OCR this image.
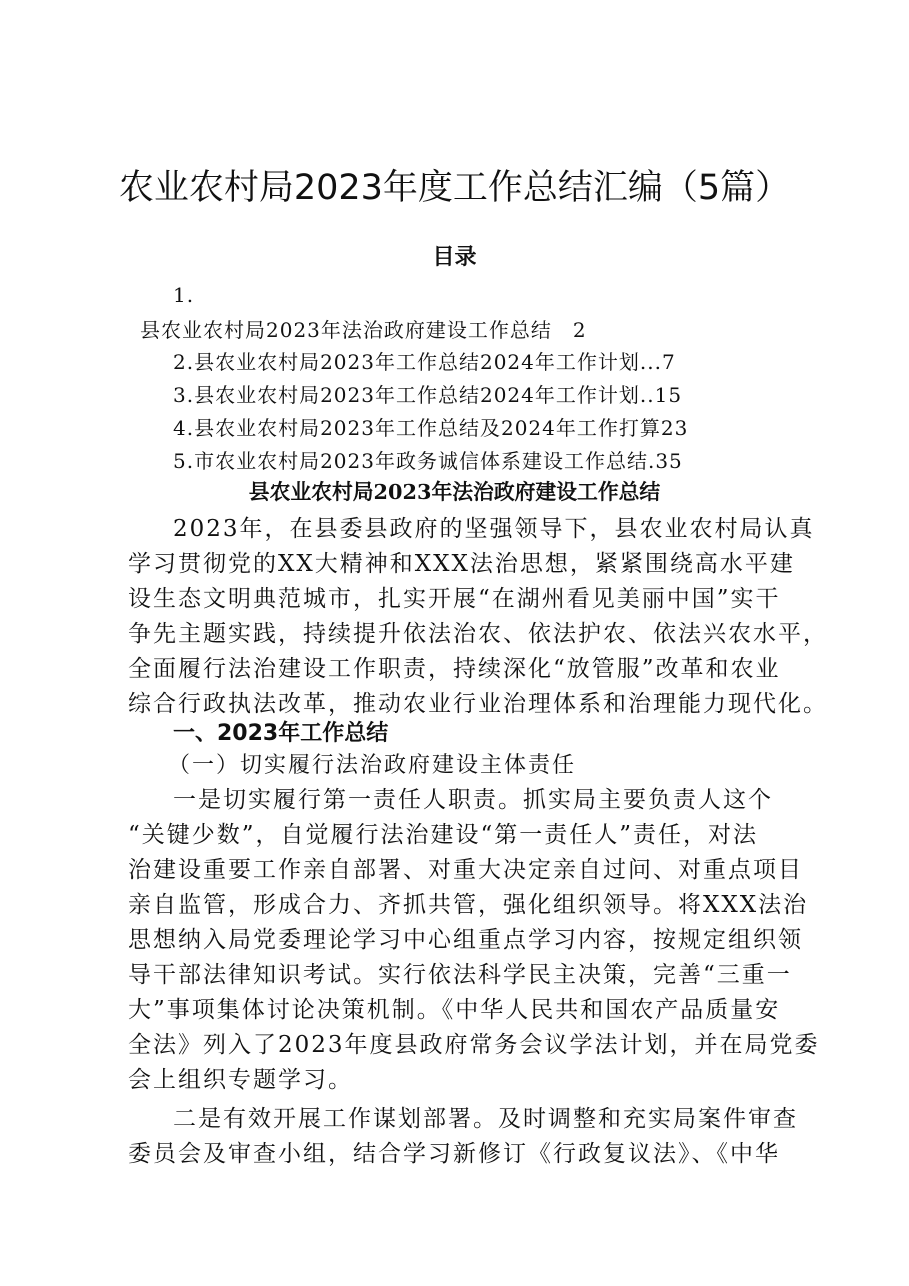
农业农村局2023年度工作总结汇编（5篇）
目录
1.
县农业农村局2023年法治政府建设工作总结　2
2.县农业农村局2023年工作总结2024年工作计划...7
3.县农业农村局2023年工作总结2024年工作计划..15
4.县农业农村局2023年工作总结及2024年工作打算23
5.市农业农村局2023年政务诚信体系建设工作总结.35
县农业农村局2023年法治政府建设工作总结
2023年，在县委县政府的坚强领导下，县农业农村局认真
学习贯彻党的XX大精神和XXX法治思想，紧紧围绕高水平建
设生态文明典范城市，扎实开展“在湖州看见美丽中国”实干
争先主题实践，持续提升依法治农、依法护农、依法兴农水平，
全面履行法治建设工作职责，持续深化“放管服”改革和农业
综合行政执法改革，推动农业行业治理体系和治理能力现代化。
一、2023年工作总结
（一）切实履行法治政府建设主体责任
一是切实履行第一责任人职责。抓实局主要负责人这个
“关键少数”，自觉履行法治建设“第一责任人”责任，对法
治建设重要工作亲自部署、对重大决定亲自过问、对重点项目
亲自监管，形成合力、齐抓共管，强化组织领导。将XXX法治
思想纳入局党委理论学习中心组重点学习内容，按规定组织领
导干部法律知识考试。实行依法科学民主决策，完善“三重一
大”事项集体讨论决策机制。《中华人民共和国农产品质量安
全法》列入了2023年度县政府常务会议学法计划，并在局党委
会上组织专题学习。
二是有效开展工作谋划部署。及时调整和充实局案件审查
委员会及审查小组，结合学习新修订《行政复议法》、《中华
